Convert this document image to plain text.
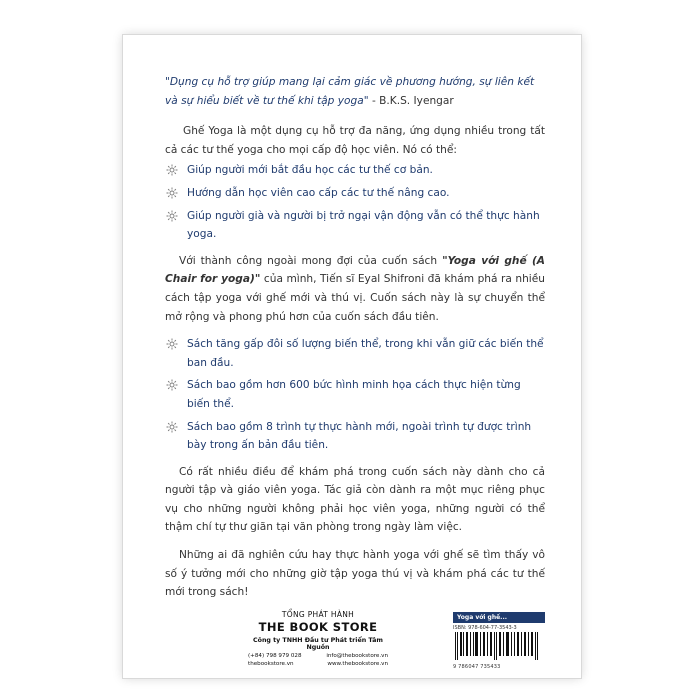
"Dụng cụ hỗ trợ giúp mang lại cảm giác về phương hướng, sự liên kết và sự hiểu biết về tư thế khi tập yoga" - B.K.S. Iyengar

Ghế Yoga là một dụng cụ hỗ trợ đa năng, ứng dụng nhiều trong tất cả các tư thế yoga cho mọi cấp độ học viên. Nó có thể:

Giúp người mới bắt đầu học các tư thế cơ bản.
Hướng dẫn học viên cao cấp các tư thế nâng cao.
Giúp người già và người bị trở ngại vận động vẫn có thể thực hành yoga.

Với thành công ngoài mong đợi của cuốn sách "Yoga với ghế (A Chair for yoga)" của mình, Tiến sĩ Eyal Shifroni đã khám phá ra nhiều cách tập yoga với ghế mới và thú vị. Cuốn sách này là sự chuyển thể mở rộng và phong phú hơn của cuốn sách đầu tiên.

Sách tăng gấp đôi số lượng biến thể, trong khi vẫn giữ các biến thể ban đầu.
Sách bao gồm hơn 600 bức hình minh họa cách thực hiện từng biến thể.
Sách bao gồm 8 trình tự thực hành mới, ngoài trình tự được trình bày trong ấn bản đầu tiên.

Có rất nhiều điều để khám phá trong cuốn sách này dành cho cả người tập và giáo viên yoga. Tác giả còn dành ra một mục riêng phục vụ cho những người không phải học viên yoga, những người có thể thậm chí tự thư giãn tại văn phòng trong ngày làm việc.

Những ai đã nghiên cứu hay thực hành yoga với ghế sẽ tìm thấy vô số ý tưởng mới cho những giờ tập yoga thú vị và khám phá các tư thế mới trong sách!

TỔNG PHÁT HÀNH
THE BOOK STORE
Công ty TNHH Đầu tư Phát triển Tâm Nguồn
(+84) 798 979 028	info@thebookstore.vn
thebookstore.vn	www.thebookstore.vn
Yoga với ghế...
ISBN: 978-604-77-3543-3
9 786047 735433
